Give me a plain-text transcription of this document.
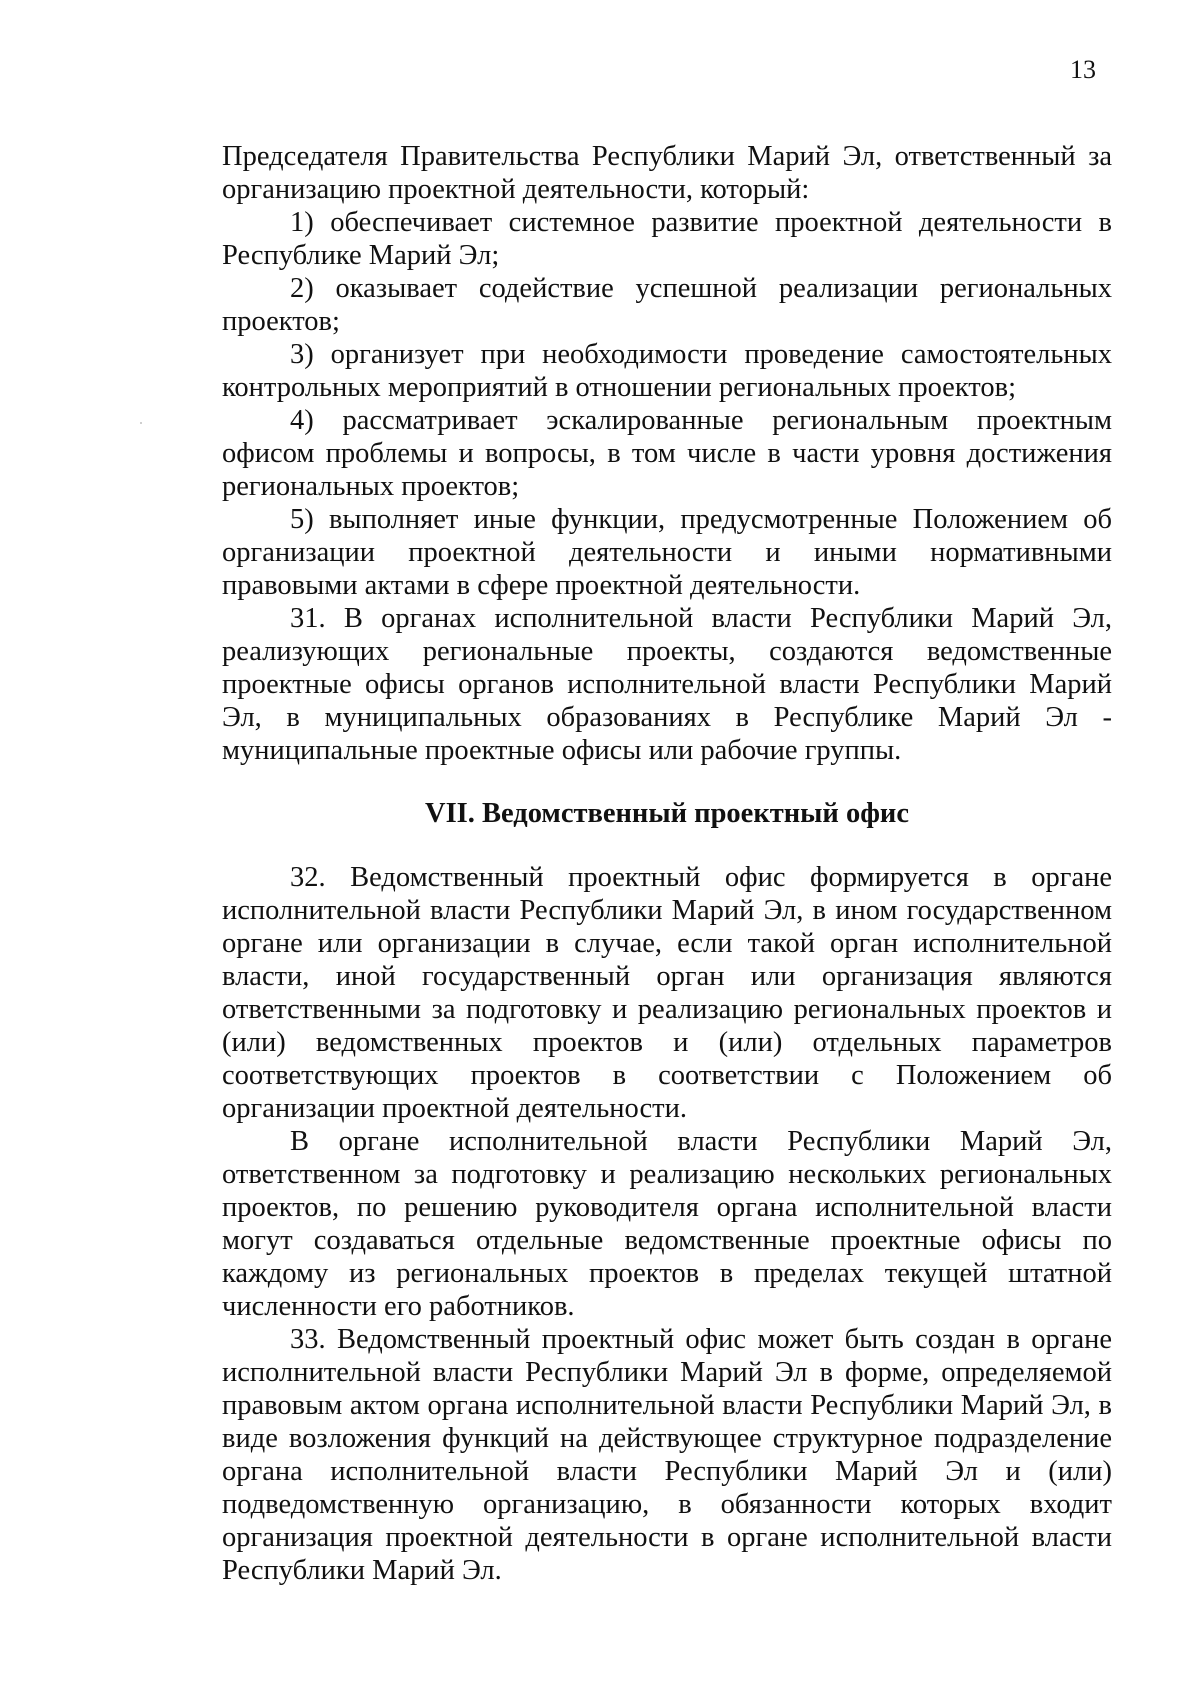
13

Председателя Правительства Республики Марий Эл, ответственный за организацию проектной деятельности, который:

1) обеспечивает системное развитие проектной деятельности в Республике Марий Эл;

2) оказывает содействие успешной реализации региональных проектов;

3) организует при необходимости проведение самостоятельных контрольных мероприятий в отношении региональных проектов;

4) рассматривает эскалированные региональным проектным офисом проблемы и вопросы, в том числе в части уровня достижения региональных проектов;

5) выполняет иные функции, предусмотренные Положением об организации проектной деятельности и иными нормативными правовыми актами в сфере проектной деятельности.

31. В органах исполнительной власти Республики Марий Эл, реализующих региональные проекты, создаются ведомственные проектные офисы органов исполнительной власти Республики Марий Эл, в муниципальных образованиях в Республике Марий Эл - муниципальные проектные офисы или рабочие группы.

VII. Ведомственный проектный офис

32. Ведомственный проектный офис формируется в органе исполнительной власти Республики Марий Эл, в ином государственном органе или организации в случае, если такой орган исполнительной власти, иной государственный орган или организация являются ответственными за подготовку и реализацию региональных проектов и (или) ведомственных проектов и (или) отдельных параметров соответствующих проектов в соответствии с Положением об организации проектной деятельности.

В органе исполнительной власти Республики Марий Эл, ответственном за подготовку и реализацию нескольких региональных проектов, по решению руководителя органа исполнительной власти могут создаваться отдельные ведомственные проектные офисы по каждому из региональных проектов в пределах текущей штатной численности его работников.

33. Ведомственный проектный офис может быть создан в органе исполнительной власти Республики Марий Эл в форме, определяемой правовым актом органа исполнительной власти Республики Марий Эл, в виде возложения функций на действующее структурное подразделение органа исполнительной власти Республики Марий Эл и (или) подведомственную организацию, в обязанности которых входит организация проектной деятельности в органе исполнительной власти Республики Марий Эл.
